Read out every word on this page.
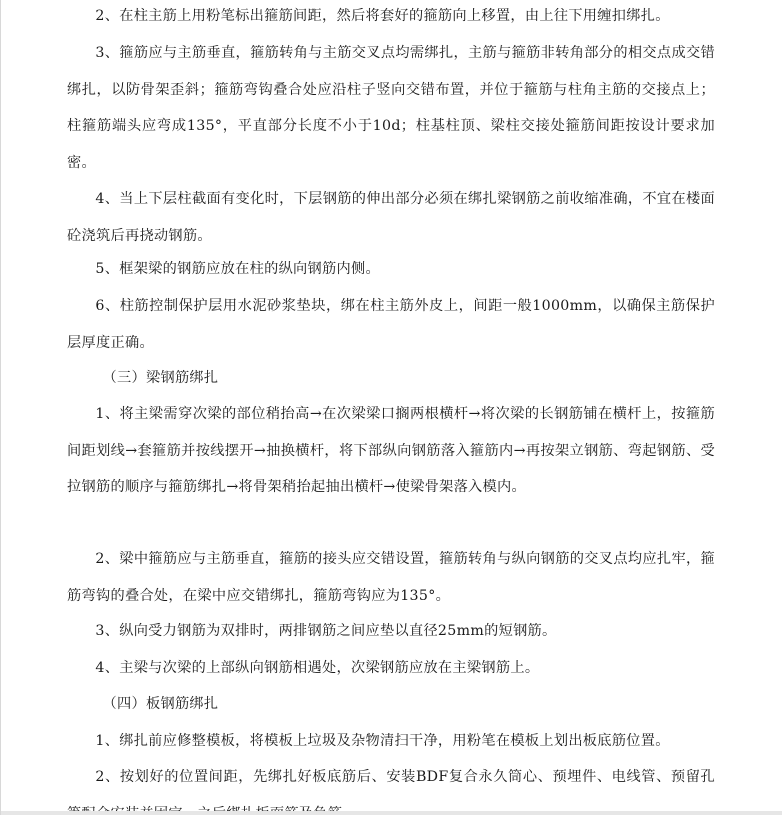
2、在柱主筋上用粉笔标出箍筋间距，然后将套好的箍筋向上移置，由上往下用缠扣绑扎。

3、箍筋应与主筋垂直，箍筋转角与主筋交叉点均需绑扎，主筋与箍筋非转角部分的相交点成交错绑扎，以防骨架歪斜；箍筋弯钩叠合处应沿柱子竖向交错布置，并位于箍筋与柱角主筋的交接点上；柱箍筋端头应弯成135°，平直部分长度不小于10d；柱基柱顶、梁柱交接处箍筋间距按设计要求加密。

4、当上下层柱截面有变化时，下层钢筋的伸出部分必须在绑扎梁钢筋之前收缩准确，不宜在楼面砼浇筑后再挠动钢筋。

5、框架梁的钢筋应放在柱的纵向钢筋内侧。

6、柱筋控制保护层用水泥砂浆垫块，绑在柱主筋外皮上，间距一般1000mm，以确保主筋保护层厚度正确。

（三）梁钢筋绑扎

1、将主梁需穿次梁的部位稍抬高→在次梁梁口搁两根横杆→将次梁的长钢筋铺在横杆上，按箍筋间距划线→套箍筋并按线摆开→抽换横杆，将下部纵向钢筋落入箍筋内→再按架立钢筋、弯起钢筋、受拉钢筋的顺序与箍筋绑扎→将骨架稍抬起抽出横杆→使梁骨架落入模内。

2、梁中箍筋应与主筋垂直，箍筋的接头应交错设置，箍筋转角与纵向钢筋的交叉点均应扎牢，箍筋弯钩的叠合处，在梁中应交错绑扎，箍筋弯钩应为135°。

3、纵向受力钢筋为双排时，两排钢筋之间应垫以直径25mm的短钢筋。

4、主梁与次梁的上部纵向钢筋相遇处，次梁钢筋应放在主梁钢筋上。

（四）板钢筋绑扎

1、绑扎前应修整模板，将模板上垃圾及杂物清扫干净，用粉笔在模板上划出板底筋位置。

2、按划好的位置间距，先绑扎好板底筋后、安装BDF复合永久筒心、预埋件、电线管、预留孔
